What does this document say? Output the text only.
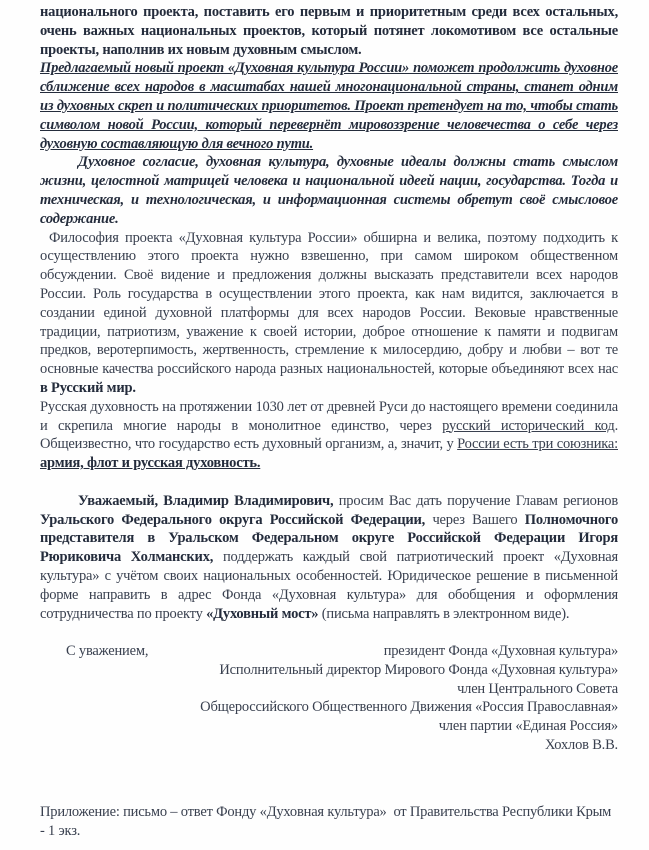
национального проекта, поставить его первым и приоритетным среди всех остальных, очень важных национальных проектов, который потянет локомотивом все остальные проекты, наполнив их новым духовным смыслом.

Предлагаемый новый проект «Духовная культура России» поможет продолжить духовное сближение всех народов в масштабах нашей многонациональной страны, станет одним из духовных скреп и политических приоритетов. Проект претендует на то, чтобы стать символом новой России, который перевернёт мировоззрение человечества о себе через духовную составляющую для вечного пути.

Духовное согласие, духовная культура, духовные идеалы должны стать смыслом жизни, целостной матрицей человека и национальной идеей нации, государства. Тогда и техническая, и технологическая, и информационная системы обретут своё смысловое содержание.

Философия проекта «Духовная культура России» обширна и велика, поэтому подходить к осуществлению этого проекта нужно взвешенно, при самом широком общественном обсуждении. Своё видение и предложения должны высказать представители всех народов России. Роль государства в осуществлении этого проекта, как нам видится, заключается в создании единой духовной платформы для всех народов России. Вековые нравственные традиции, патриотизм, уважение к своей истории, доброе отношение к памяти и подвигам предков, веротерпимость, жертвенность, стремление к милосердию, добру и любви – вот те основные качества российского народа разных национальностей, которые объединяют всех нас в Русский мир.

Русская духовность на протяжении 1030 лет от древней Руси до настоящего времени соединила и скрепила многие народы в монолитное единство, через русский исторический код. Общеизвестно, что государство есть духовный организм, а, значит, у России есть три союзника: армия, флот и русская духовность.

Уважаемый, Владимир Владимирович, просим Вас дать поручение Главам регионов Уральского Федерального округа Российской Федерации, через Вашего Полномочного представителя в Уральском Федеральном округе Российской Федерации Игоря Рюриковича Холманских, поддержать каждый свой патриотический проект «Духовная культура» с учётом своих национальных особенностей. Юридическое решение в письменной форме направить в адрес Фонда «Духовная культура» для обобщения и оформления сотрудничества по проекту «Духовный мост» (письма направлять в электронном виде).

С уважением,	президент Фонда «Духовная культура»

Исполнительный директор Мирового Фонда «Духовная культура»

член Центрального Совета

Общероссийского Общественного Движения «Россия Православная»

член партии «Единая Россия»

Хохлов В.В.

Приложение: письмо – ответ Фонду «Духовная культура»  от Правительства Республики Крым    - 1 экз.
